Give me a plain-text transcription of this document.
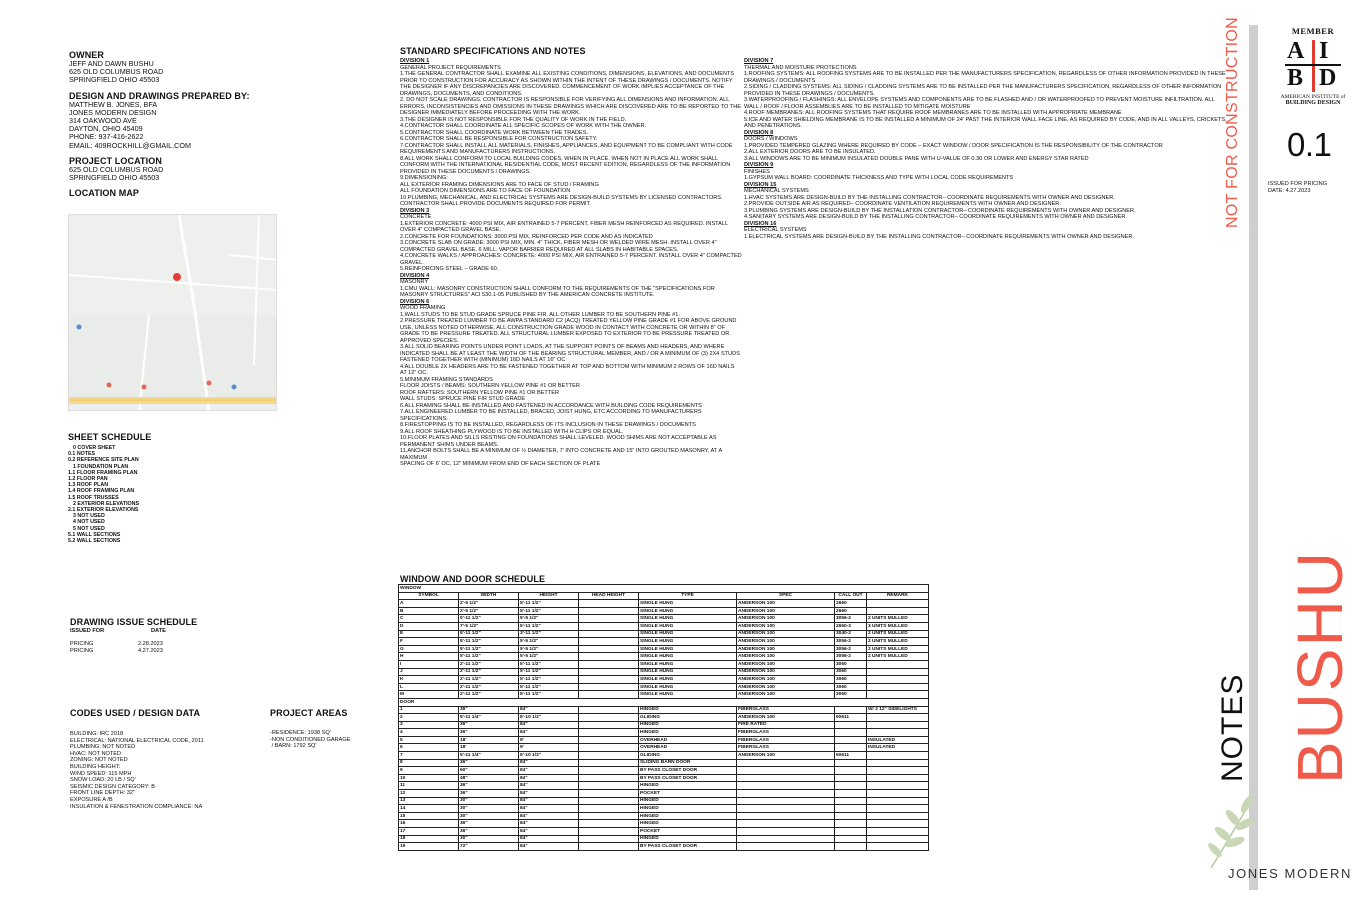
OWNER
JEFF AND DAWN BUSHU
625 OLD COLUMBUS ROAD
SPRINGFIELD OHIO 45503
DESIGN AND DRAWINGS PREPARED BY:
MATTHEW B. JONES, BFA
JONES MODERN DESIGN
314 OAKWOOD AVE
DAYTON, OHIO 45409
PHONE: 937-416-2622
EMAIL: 409ROCKHILL@GMAIL.COM
PROJECT LOCATION
625 OLD COLUMBUS ROAD
SPRINGFIELD OHIO 45503
LOCATION MAP
SHEET SCHEDULE
0 COVER SHEET
0.1 NOTES
0.2 REFERENCE SITE PLAN
1 FOUNDATION PLAN
1.1 FLOOR FRAMING PLAN
1.2 FLOOR PAN
1.3 ROOF PLAN
1.4 ROOF FRAMING PLAN
1.5 ROOF TRUSSES
2 EXTERIOR ELEVATIONS
2.1 EXTERIOR ELEVATIONS
3 NOT USED
4 NOT USED
5 NOT USED
5.1 WALL SECTIONS
5.2 WALL SECTIONS
DRAWING ISSUE SCHEDULE
ISSUED FOR	DATE
PRICING	2.28.2023
PRICING	4.27.2023
CODES USED / DESIGN DATA
BUILDING: IRC 2018
ELECTRICAL: NATIONAL ELECTRICAL CODE, 2011
PLUMBING: NOT NOTED
HVAC: NOT NOTED
ZONING: NOT NOTED
BUILDING HEIGHT:
WIND SPEED: 115 MPH
SNOW LOAD: 20 LB / SQ'
SEISMIC DESIGN CATEGORY: B
FRONT LINE DEPTH: 32"
EXPOSURE A /B
INSULATION & FENESTRATION COMPLIANCE: NA
PROJECT AREAS
-RESIDENCE: 1938 SQ'
-NON CONDITIONED GARAGE
/ BARN: 1792 SQ'
STANDARD SPECIFICATIONS AND NOTES
DIVISION 1
GENERAL PROJECT REQUIREMENTS
1.THE GENERAL CONTRACTOR SHALL EXAMINE ALL EXISTING CONDITIONS, DIMENSIONS, ELEVATIONS, AND DOCUMENTS PRIOR TO CONSTRUCTION FOR ACCURACY AS SHOWN WITHIN THE INTENT OF THESE DRAWINGS / DOCUMENTS. NOTIFY THE DESIGNER IF ANY DISCREPANCIES ARE DISCOVERED. COMMENCEMENT OF WORK IMPLIES ACCEPTANCE OF THE DRAWINGS, DOCUMENTS, AND CONDITIONS.
2. DO NOT SCALE DRAWINGS. CONTRACTOR IS RESPONSIBLE FOR VERIFYING ALL DIMENSIONS AND INFORMATION. ALL ERRORS, INCONSISTENCIES AND OMISSIONS IN THESE DRAWINGS WHICH ARE DISCOVERED ARE TO BE REPORTED TO THE DESIGNER IMMEDIATELY BEFORE PROCEEDING WITH THE WORK.
3.THE DESIGNER IS NOT RESPONSIBLE FOR THE QUALITY OF WORK IN THE FIELD.
4.CONTRACTOR SHALL COORDINATE ALL SPECIFIC SCOPES OF WORK WITH THE OWNER.
5.CONTRACTOR SHALL COORDINATE WORK BETWEEN THE TRADES.
6.CONTRACTOR SHALL BE RESPONSIBLE FOR CONSTRUCTION SAFETY.
7.CONTRACTOR SHALL INSTALL ALL MATERIALS, FINISHES, APPLIANCES, AND EQUIPMENT TO BE COMPLIANT WITH CODE REQUIREMENTS AND MANUFACTURERS INSTRUCTIONS.
8.ALL WORK SHALL CONFORM TO LOCAL BUILDING CODES, WHEN IN PLACE. WHEN NOT IN PLACE ALL WORK SHALL CONFORM WITH THE INTERNATIONAL RESIDENTIAL CODE, MOST RECENT EDITION, REGARDLESS OF THE INFORMATION PROVIDED IN THESE DOCUMENTS / DRAWINGS.
9.DIMENSIONING:
ALL EXTERIOR FRAMING DIMENSIONS ARE TO FACE OF STUD / FRAMING
ALL FOUNDATION DIMENSIONS ARE TO FACE OF FOUNDATION
10.PLUMBING, MECHANICAL, AND ELECTRICAL SYSTEMS ARE DESIGN-BUILD SYSTEMS BY LICENSED CONTRACTORS. CONTRACTOR SHALL PROVIDE DOCUMENTS REQUIRED FOR PERMIT.
DIVISION 3
CONCRETE
1.EXTERIOR CONCRETE: 4000 PSI MIX, AIR ENTRAINED 5-7 PERCENT, FIBER MESH REINFORCED AS REQUIRED. INSTALL OVER 4" COMPACTED GRAVEL BASE.
2.CONCRETE FOR FOUNDATIONS: 3000 PSI MIX, REINFORCED PER CODE AND AS INDICATED
3.CONCRETE SLAB ON GRADE: 3000 PSI MIX, MIN. 4" THICK, FIBER MESH OR WELDED WIRE MESH. INSTALL OVER 4" COMPACTED GRAVEL BASE. 6 MILL. VAPOR BARRIER REQUIRED AT ALL SLABS IN HABITABLE SPACES.
4.CONCRETE WALKS / APPROACHES: CONCRETE: 4000 PSI MIX, AIR ENTRAINED 5-7 PERCENT. INSTALL OVER 4" COMPACTED GRAVEL.
5.REINFORCING STEEL – GRADE 60.
DIVISION 4
MASONRY
1.CMU WALL: MASONRY CONSTRUCTION SHALL CONFORM TO THE REQUIREMENTS OF THE "SPECIFICATIONS FOR MASONRY STRUCTURES" ACI 530.1-05 PUBLISHED BY THE AMERICAN CONCRETE INSTITUTE.
DIVISION 6
WOOD FRAMING
1.WALL STUDS TO BE STUD GRADE SPRUCE PINE FIR. ALL OTHER LUMBER TO BE SOUTHERN PINE #1.
2.PRESSURE TREATED LUMBER TO BE AWPA STANDARD C2 (ACQ) TREATED YELLOW PINE GRADE #1 FOR ABOVE GROUND USE, UNLESS NOTED OTHERWISE. ALL CONSTRUCTION GRADE WOOD IN CONTACT WITH CONCRETE OR WITHIN 8" OF GRADE TO BE PRESSURE TREATED. ALL STRUCTURAL LUMBER EXPOSED TO EXTERIOR TO BE PRESSURE TREATED OR APPROVED SPECIES.
3.ALL SOLID BEARING POINTS UNDER POINT LOADS, AT THE SUPPORT POINTS OF BEAMS AND HEADERS, AND WHERE INDICATED SHALL BE AT LEAST THE WIDTH OF THE BEARING STRUCTURAL MEMBER, AND / OR A MINIMUM OF (3) 2X4 STUDS FASTENED TOGETHER WITH (MINIMUM) 16D NAILS AT 16" OC
4.ALL DOUBLE 2X HEADERS ARE TO BE FASTENED TOGETHER AT TOP AND BOTTOM WITH MINIMUM 2 ROWS OF 16D NAILS AT 12" OC.
5.MINIMUM FRAMING STANDARDS
FLOOR JOISTS / BEAMS: SOUTHERN YELLOW PINE #1 OR BETTER
ROOF RAFTERS: SOUTHERN YELLOW PINE #1 OR BETTER
WALL STUDS: SPRUCE PINE FIR STUD GRADE
6.ALL FRAMING SHALL BE INSTALLED AND FASTENED IN ACCORDANCE WITH BUILDING CODE REQUIREMENTS
7.ALL ENGINEERED LUMBER TO BE INSTALLED, BRACED, JOIST HUNG, ETC ACCORDING TO MANUFACTURERS SPECIFICATIONS.
8.FIRESTOPPING IS TO BE INSTALLED, REGARDLESS OF ITS INCLUSION IN THESE DRAWINGS / DOCUMENTS
9.ALL ROOF SHEATHING PLYWOOD IS TO BE INSTALLED WITH H CLIPS OR EQUAL.
10.FLOOR PLATES AND SILLS RESTING ON FOUNDATIONS SHALL LEVELED. WOOD SHIMS ARE NOT ACCEPTABLE AS PERMANENT SHIMS UNDER BEAMS.
11.ANCHOR BOLTS SHALL BE A MINIMUM OF ½ DIAMETER, 7' INTO CONCRETE AND 15" INTO GROUTED MASONRY, AT A MAXIMUM
SPACING OF 6' OC, 12" MINIMUM FROM END OF EACH SECTION OF PLATE
DIVISION 7
THERMAL AND MOISTURE PROTECTIONS
1.ROOFING SYSTEMS: ALL ROOFING SYSTEMS ARE TO BE INSTALLED PER THE MANUFACTURERS SPECIFICATION, REGARDLESS OF OTHER INFORMATION PROVIDED IN THESE DRAWINGS / DOCUMENTS
2.SIDING / CLADDING SYSTEMS: ALL SIDING / CLADDING SYSTEMS ARE TO BE INSTALLED PER THE MANUFACTURERS SPECIFICATION, REGARDLESS OF OTHER INFORMATION PROVIDED IN THESE DRAWINGS / DOCUMENTS.
3.WATERPROOFING / FLASHINGS: ALL ENVELOPE SYSTEMS AND COMPONENTS ARE TO BE FLASHED AND / OR WATERPROOFED TO PREVENT MOISTURE INFILTRATION. ALL WALL / ROOF / FLOOR ASSEMBLIES ARE TO BE INSTALLED TO MITIGATE MOISTURE
4.ROOF MEMBRANES: ALL ROOFING SYSTEMS THAT REQUIRE ROOF MEMBRANES ARE TO BE INSTALLED WITH APPROPRIATE MEMBRANE
5.ICE AND WATER SHIELDING MEMBRANE IS TO BE INSTALLED A MINIMUM OF 24' PAST THE INTERIOR WALL FACE LINE, AS REQUIRED BY CODE, AND IN ALL VALLEYS, CRICKETS, AND PENETRATIONS.
DIVISION 8
DOORS / WINDOWS
1.PROVIDED TEMPERED GLAZING WHERE REQUIRED BY CODE – EXACT WINDOW / DOOR SPECIFICATION IS THE RESPONSIBILITY OF THE CONTRACTOR
2.ALL EXTERIOR DOORS ARE TO BE INSULATED.
3.ALL WINDOWS ARE TO BE MINIMUM INSULATED DOUBLE PANE WITH U-VALUE OF 0.30 OR LOWER AND ENERGY STAR RATED
DIVISION 9
FINISHES
1.GYPSUM WALL BOARD: COORDINATE THICKNESS AND TYPE WITH LOCAL CODE REQUIREMENTS
DIVISION 15
MECHANICAL SYSTEMS
1.HVAC SYSTEMS ARE DESIGN-BUILD BY THE INSTALLING CONTRACTOR– COORDINATE REQUIREMENTS WITH OWNER AND DESIGNER.
2.PROVIDE OUTSIDE AIR AS REQUIRED– COORDINATE VENTILATION REQUIREMENTS WITH OWNER AND DESIGNER.
3.PLUMBING SYSTEMS ARE DESIGN-BUILD BY THE INSTALLATION CONTRACTOR– COORDINATE REQUIREMENTS WITH OWNER AND DESIGNER.
4.SANITARY SYSTEMS ARE DESIGN-BUILD BY THE INSTALLING CONTRACTOR– COORDINATE REQUIREMENTS WITH OWNER AND DESIGNER.
DIVISION 16
ELECTRICAL SYSTEMS
1.ELECTRICAL SYSTEMS ARE DESIGN-BUILD BY THE INSTALLING CONTRACTOR– COORDINATE REQUIREMENTS WITH OWNER AND DESIGNER.
WINDOW AND DOOR SCHEDULE
WINDOW							
SYMBOL	WIDTH	HEIGHT	HEAD HEIGHT	TYPE	SPEC	CALL OUT	REMARK
A	2'-5 1/2"	5'-11 1/2"		SINGLE HUNG	ANDERSON 100	2660	
B	2'-5 1/2"	5'-11 1/2"		SINGLE HUNG	ANDERSON 100	2660	
C	5'-11 1/2"	5'-5 1/2"		SINGLE HUNG	ANDERSON 100	3056-2	2 UNITS MULLED
D	7'-5 1/2"	5'-11 1/2"		SINGLE HUNG	ANDERSON 100	2660-3	3 UNITS MULLED
E	5'-11 1/2"	3'-11 1/2"		SINGLE HUNG	ANDERSON 100	3040-2	2 UNITS MULLED
F	5'-11 1/2"	5'-5 1/2"		SINGLE HUNG	ANDERSON 100	3056-2	2 UNITS MULLED
G	5'-11 1/2"	5'-5 1/2"		SINGLE HUNG	ANDERSON 100	3056-2	2 UNITS MULLED
H	5'-11 1/2"	5'-5 1/2"		SINGLE HUNG	ANDERSON 100	3056-2	2 UNITS MULLED
I	2'-11 1/2"	5'-11 1/2"		SINGLE HUNG	ANDERSON 100	3060	
J	2'-11 1/2"	5'-11 1/2"		SINGLE HUNG	ANDERSON 100	3060	
K	2'-11 1/2"	5'-11 1/2"		SINGLE HUNG	ANDERSON 100	3060	
L	2'-11 1/2"	5'-11 1/2"		SINGLE HUNG	ANDERSON 100	3060	
M	2'-11 1/2"	5'-11 1/2"		SINGLE HUNG	ANDERSON 100	3060	
DOOR							
1	36"	84"		HINGED	FIBERGLASS		W/ 2 12" SIDELIGHTS
2	5'-11 1/4"	6'-10 1/2"		GLIDING	ANDERSON 100	60611	
3	36"	84"		HINGED	FIRE RATED		
4	36"	84"		HINGED	FIBERGLASS		
5	18'	9'		OVERHEAD	FIBERGLASS		INSULATED
6	18'	9'		OVERHEAD	FIBERGLASS		INSULATED
7	5'-11 1/4"	6'-10 1/2"		GLIDING	ANDERSON 100	60611	
8	36"	84"		SLIDING BARN DOOR			
9	60"	84"		BY PASS CLOSET DOOR			
10	48"	84"		BY PASS CLOSET DOOR			
11	36"	84"		HINGED			
12	36"	84"		POCKET			
13	30"	84"		HINGED			
14	30"	84"		HINGED			
15	30"	84"		HINGED			
16	36"	84"		HINGED			
17	36"	84"		POCKET			
18	30"	84"		HINGED			
19	72"	84"		BY PASS CLOSET DOOR			
NOT FOR CONSTRUCTION	MEMBER
A I
B D
AMERICAN INSTITUTE of
BUILDING DESIGN
0.1
ISSUED FOR PRICING
DATE: 4.27.2023
NOTES BUSHU
JONES MODERN
